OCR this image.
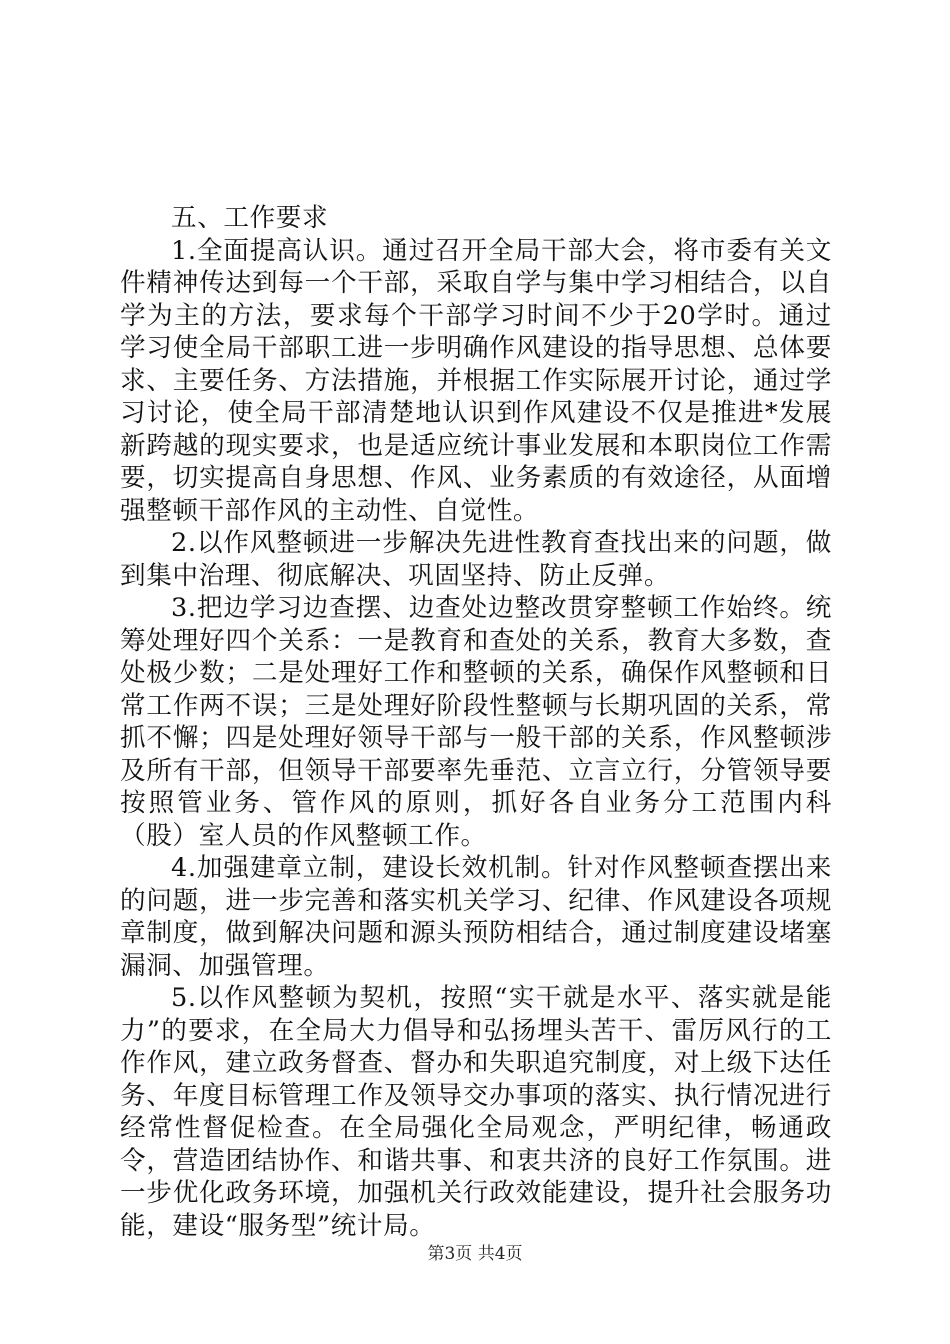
五、工作要求

1.全面提高认识。通过召开全局干部大会，将市委有关文件精神传达到每一个干部，采取自学与集中学习相结合，以自学为主的方法，要求每个干部学习时间不少于20学时。通过学习使全局干部职工进一步明确作风建设的指导思想、总体要求、主要任务、方法措施，并根据工作实际展开讨论，通过学习讨论，使全局干部清楚地认识到作风建设不仅是推进*发展新跨越的现实要求，也是适应统计事业发展和本职岗位工作需要，切实提高自身思想、作风、业务素质的有效途径，从面增强整顿干部作风的主动性、自觉性。

2.以作风整顿进一步解决先进性教育查找出来的问题，做到集中治理、彻底解决、巩固坚持、防止反弹。

3.把边学习边查摆、边查处边整改贯穿整顿工作始终。统筹处理好四个关系：一是教育和查处的关系，教育大多数，查处极少数；二是处理好工作和整顿的关系，确保作风整顿和日常工作两不误；三是处理好阶段性整顿与长期巩固的关系，常抓不懈；四是处理好领导干部与一般干部的关系，作风整顿涉及所有干部，但领导干部要率先垂范、立言立行，分管领导要按照管业务、管作风的原则，抓好各自业务分工范围内科（股）室人员的作风整顿工作。

4.加强建章立制，建设长效机制。针对作风整顿查摆出来的问题，进一步完善和落实机关学习、纪律、作风建设各项规章制度，做到解决问题和源头预防相结合，通过制度建设堵塞漏洞、加强管理。

5.以作风整顿为契机，按照“实干就是水平、落实就是能力”的要求，在全局大力倡导和弘扬埋头苦干、雷厉风行的工作作风，建立政务督查、督办和失职追究制度，对上级下达任务、年度目标管理工作及领导交办事项的落实、执行情况进行经常性督促检查。在全局强化全局观念，严明纪律，畅通政令，营造团结协作、和谐共事、和衷共济的良好工作氛围。进一步优化政务环境，加强机关行政效能建设，提升社会服务功能，建设“服务型”统计局。

第3页 共4页
